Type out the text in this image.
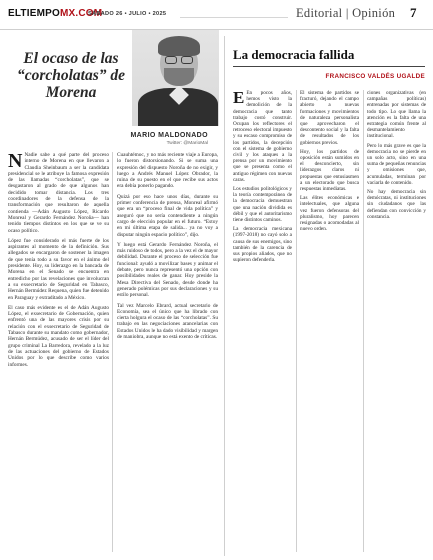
ELTIEMPOMX.COM
SÁBADO 26 • JULIO • 2025	Editorial | Opinión 7
El ocaso de las “corcholatas” de Morena
MARIO MALDONADO
Twitter: @MarioMal

N Nadie sabe a qué parte del proceso interno de Morena en que llevaron a Claudia Sheinbaum a ser la candidata presidencial se le atribuye la famosa expresión de las llamadas “corcholatas”, que se desgastaron al grado de que algunos han decidido tomar distancia. Los tres coordinadores de la defensa de la transformación que resultaron de aquella contienda —Adán Augusto López, Ricardo Monreal y Gerardo Fernández Noroña— han tenido tiempos distintos en los que se ve su ocaso político.

López fue considerado el más fuerte de los aspirantes al momento de la definición. Sus allegados se encargaron de sostener la imagen de que tenía todo a su favor en el ánimo del presidente. Hoy, su liderazgo en la bancada de Morena en el Senado se encuentra en entredicho por las revelaciones que involucran a su exsecretario de Seguridad en Tabasco, Hernán Bermúdez Requena, quien fue detenido en Paraguay y extraditado a México.

El caso más evidente es el de Adán Augusto López, el exsecretario de Gobernación, quien enfrentó una de las mayores crisis por su relación con el exsecretario de Seguridad de Tabasco durante su mandato como gobernador, Hernán Bermúdez, acusado de ser el líder del grupo criminal La Barredora, revelado a la luz de las actuaciones del gobierno de Estados Unidos por lo que describe como varios informes.

Cuauhtémoc, y no más reciente viaje a Europa, lo fueron distorsionando. Si se suma una expresión del dispuesto Noroña de no exigir, y luego a Andrés Manuel López Obrador, la ruina de su puesto en el que recibe sus actos era debía ponerlo pagando.

Quizá por eso hace unos días, durante su primer conferencia de prensa, Monreal afirmó que era un “proceso final de vida política” y aseguró que no sería contendiente a ningún cargo de elección popular en el futuro. “Estoy en mi última etapa de salida... ya no voy a disputar ningún espacio político”, dijo.

Y luego está Gerardo Fernández Noroña, el más ruidoso de todos, pero a la vez el de mayor debilidad. Durante el proceso de selección fue funcional: ayudó a movilizar bases y animar el debate, pero nunca representó una opción con posibilidades reales de ganar. Hoy preside la Mesa Directiva del Senado, desde donde ha generado polémicas por sus declaraciones y su estilo personal.

Tal vez Marcelo Ebrard, actual secretario de Economía, sea el único que ha librado con cierta holgura el ocaso de las “corcholatas”. Su trabajo en las negociaciones arancelarias con Estados Unidos le ha dado visibilidad y margen de maniobra, aunque no está exento de críticas.

La democracia fallida
FRANCISCO VALDÉS UGALDE

E En pocos años, hemos visto la demolición de la democracia que tanto trabajo costó construir. Ocupan los reflectores el retroceso electoral impuesto y su escaso compromiso de los partidos, la decepción con el sistema de gobierno civil y los ataques a la prensa por un movimiento que se presenta como el antiguo régimen con nuevas caras.

Los estudios politológicos y la teoría contemporánea de la democracia demuestran que una nación dividida es débil y que el autoritarismo tiene distintos caminos.

La democracia mexicana (1997-2018) no cayó solo a causa de sus enemigos, sino también de la carencia de sus propios aliados, que no supieron defenderla.

El sistema de partidos se fracturó, dejando el campo abierto a nuevas formaciones y movimientos de naturaleza personalista que aprovecharon el descontento social y la falta de resultados de los gobiernos previos.

Hoy, los partidos de oposición están sumidos en el desconcierto, sin liderazgos claros ni propuestas que entusiasmen a un electorado que busca respuestas inmediatas.

Las élites económicas e intelectuales, que alguna vez fueron defensoras del pluralismo, hoy parecen resignadas o acomodadas al nuevo orden.

ciones organizativas (en campañas políticas) entrenadas por sistemas de todo tipo. Lo que llama la atención es la falta de una estrategia común frente al desmantelamiento institucional.

Pero lo más grave es que la democracia no se pierde en un solo acto, sino en una suma de pequeñas renuncias y omisiones que, acumuladas, terminan por vaciarla de contenido.

No hay democracia sin demócratas, ni instituciones sin ciudadanos que las defiendan con convicción y constancia.
